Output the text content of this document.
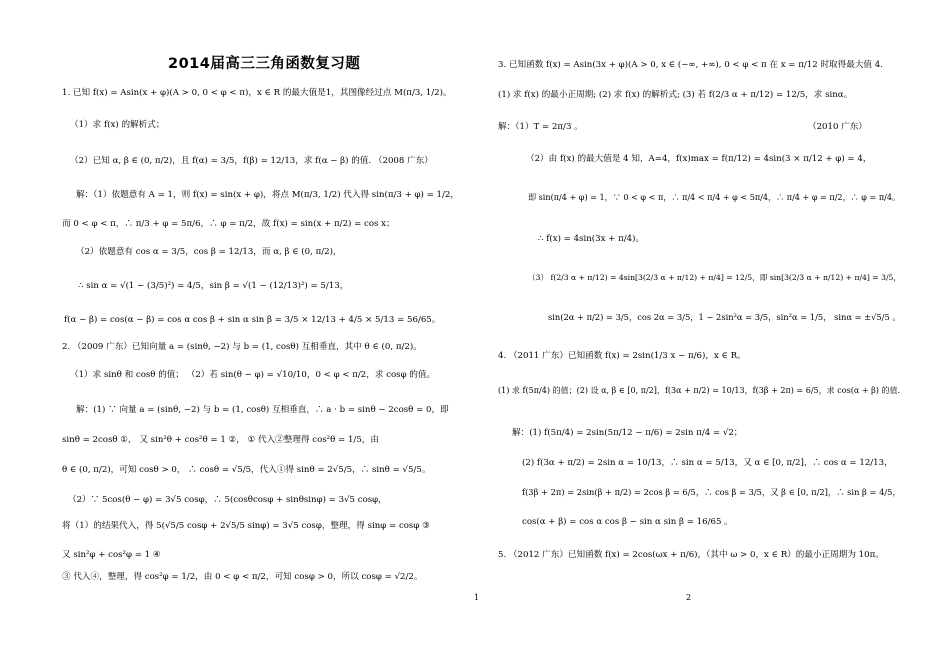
2014届高三三角函数复习题
1. 已知 f(x) = Asin(x + φ)(A > 0, 0 < φ < π)，x ∈ R 的最大值是1，其图像经过点 M(π/3, 1/2)。
（1）求 f(x) 的解析式；
（2）已知 α, β ∈ (0, π/2)，且 f(α) = 3/5，f(β) = 12/13，求 f(α − β) 的值. （2008 广东）
解：（1）依题意有 A = 1，则 f(x) = sin(x + φ)，将点 M(π/3, 1/2) 代入得 sin(π/3 + φ) = 1/2，
而 0 < φ < π，∴ π/3 + φ = 5π/6，∴ φ = π/2，故 f(x) = sin(x + π/2) = cos x；
（2）依题意有 cos α = 3/5，cos β = 12/13，而 α, β ∈ (0, π/2)，
∴ sin α = √(1 − (3/5)²) = 4/5，sin β = √(1 − (12/13)²) = 5/13，
f(α − β) = cos(α − β) = cos α cos β + sin α sin β = 3/5 × 12/13 + 4/5 × 5/13 = 56/65。
2. （2009 广东）已知向量 a = (sinθ, −2) 与 b = (1, cosθ) 互相垂直，其中 θ ∈ (0, π/2)。
（1）求 sinθ 和 cosθ 的值； （2）若 sin(θ − φ) = √10/10，0 < φ < π/2，求 cosφ 的值。
解：(1) ∵ 向量 a = (sinθ, −2) 与 b = (1, cosθ) 互相垂直，∴ a · b = sinθ − 2cosθ = 0，即
sinθ = 2cosθ ①， 又 sin²θ + cos²θ = 1 ②， ① 代入②整理得 cos²θ = 1/5，由
θ ∈ (0, π/2)，可知 cosθ > 0， ∴ cosθ = √5/5，代入①得 sinθ = 2√5/5，∴ sinθ = √5/5。
（2）∵ 5cos(θ − φ) = 3√5 cosφ，∴ 5(cosθcosφ + sinθsinφ) = 3√5 cosφ，
将（1）的结果代入，得 5(√5/5 cosφ + 2√5/5 sinφ) = 3√5 cosφ，整理，得 sinφ = cosφ ③
又 sin²φ + cos²φ = 1 ④
③ 代入④，整理，得 cos²φ = 1/2，由 0 < φ < π/2，可知 cosφ > 0，所以 cosφ = √2/2。
3. 已知函数 f(x) = Asin(3x + φ)(A > 0, x ∈ (−∞, +∞), 0 < φ < π 在 x = π/12 时取得最大值 4.
(1) 求 f(x) 的最小正周期; (2) 求 f(x) 的解析式; (3) 若 f(2/3 α + π/12) = 12/5，求 sinα。
解：（1）T = 2π/3 。	（2010 广东）
（2）由 f(x) 的最大值是 4 知，A=4，f(x)max = f(π/12) = 4sin(3 × π/12 + φ) = 4，
即 sin(π/4 + φ) = 1，∵ 0 < φ < π，∴ π/4 < π/4 + φ < 5π/4，∴ π/4 + φ = π/2，∴ φ = π/4。
∴ f(x) = 4sin(3x + π/4)。
（3） f(2/3 α + π/12) = 4sin[3(2/3 α + π/12) + π/4] = 12/5，即 sin[3(2/3 α + π/12) + π/4] = 3/5，
sin(2α + π/2) = 3/5，cos 2α = 3/5，1 − 2sin²α = 3/5，sin²α = 1/5， sinα = ±√5/5 。
4. （2011 广东）已知函数 f(x) = 2sin(1/3 x − π/6)，x ∈ R。
(1) 求 f(5π/4) 的值；(2) 设 α, β ∈ [0, π/2]，f(3α + π/2) = 10/13，f(3β + 2π) = 6/5，求 cos(α + β) 的值.
解：(1) f(5π/4) = 2sin(5π/12 − π/6) = 2sin π/4 = √2；
(2) f(3α + π/2) = 2sin α = 10/13，∴ sin α = 5/13，又 α ∈ [0, π/2]，∴ cos α = 12/13，
f(3β + 2π) = 2sin(β + π/2) = 2cos β = 6/5，∴ cos β = 3/5，又 β ∈ [0, π/2]，∴ sin β = 4/5，
cos(α + β) = cos α cos β − sin α sin β = 16/65 。
5. （2012 广东）已知函数 f(x) = 2cos(ωx + π/6)，（其中 ω > 0，x ∈ R）的最小正周期为 10π。
1	2
